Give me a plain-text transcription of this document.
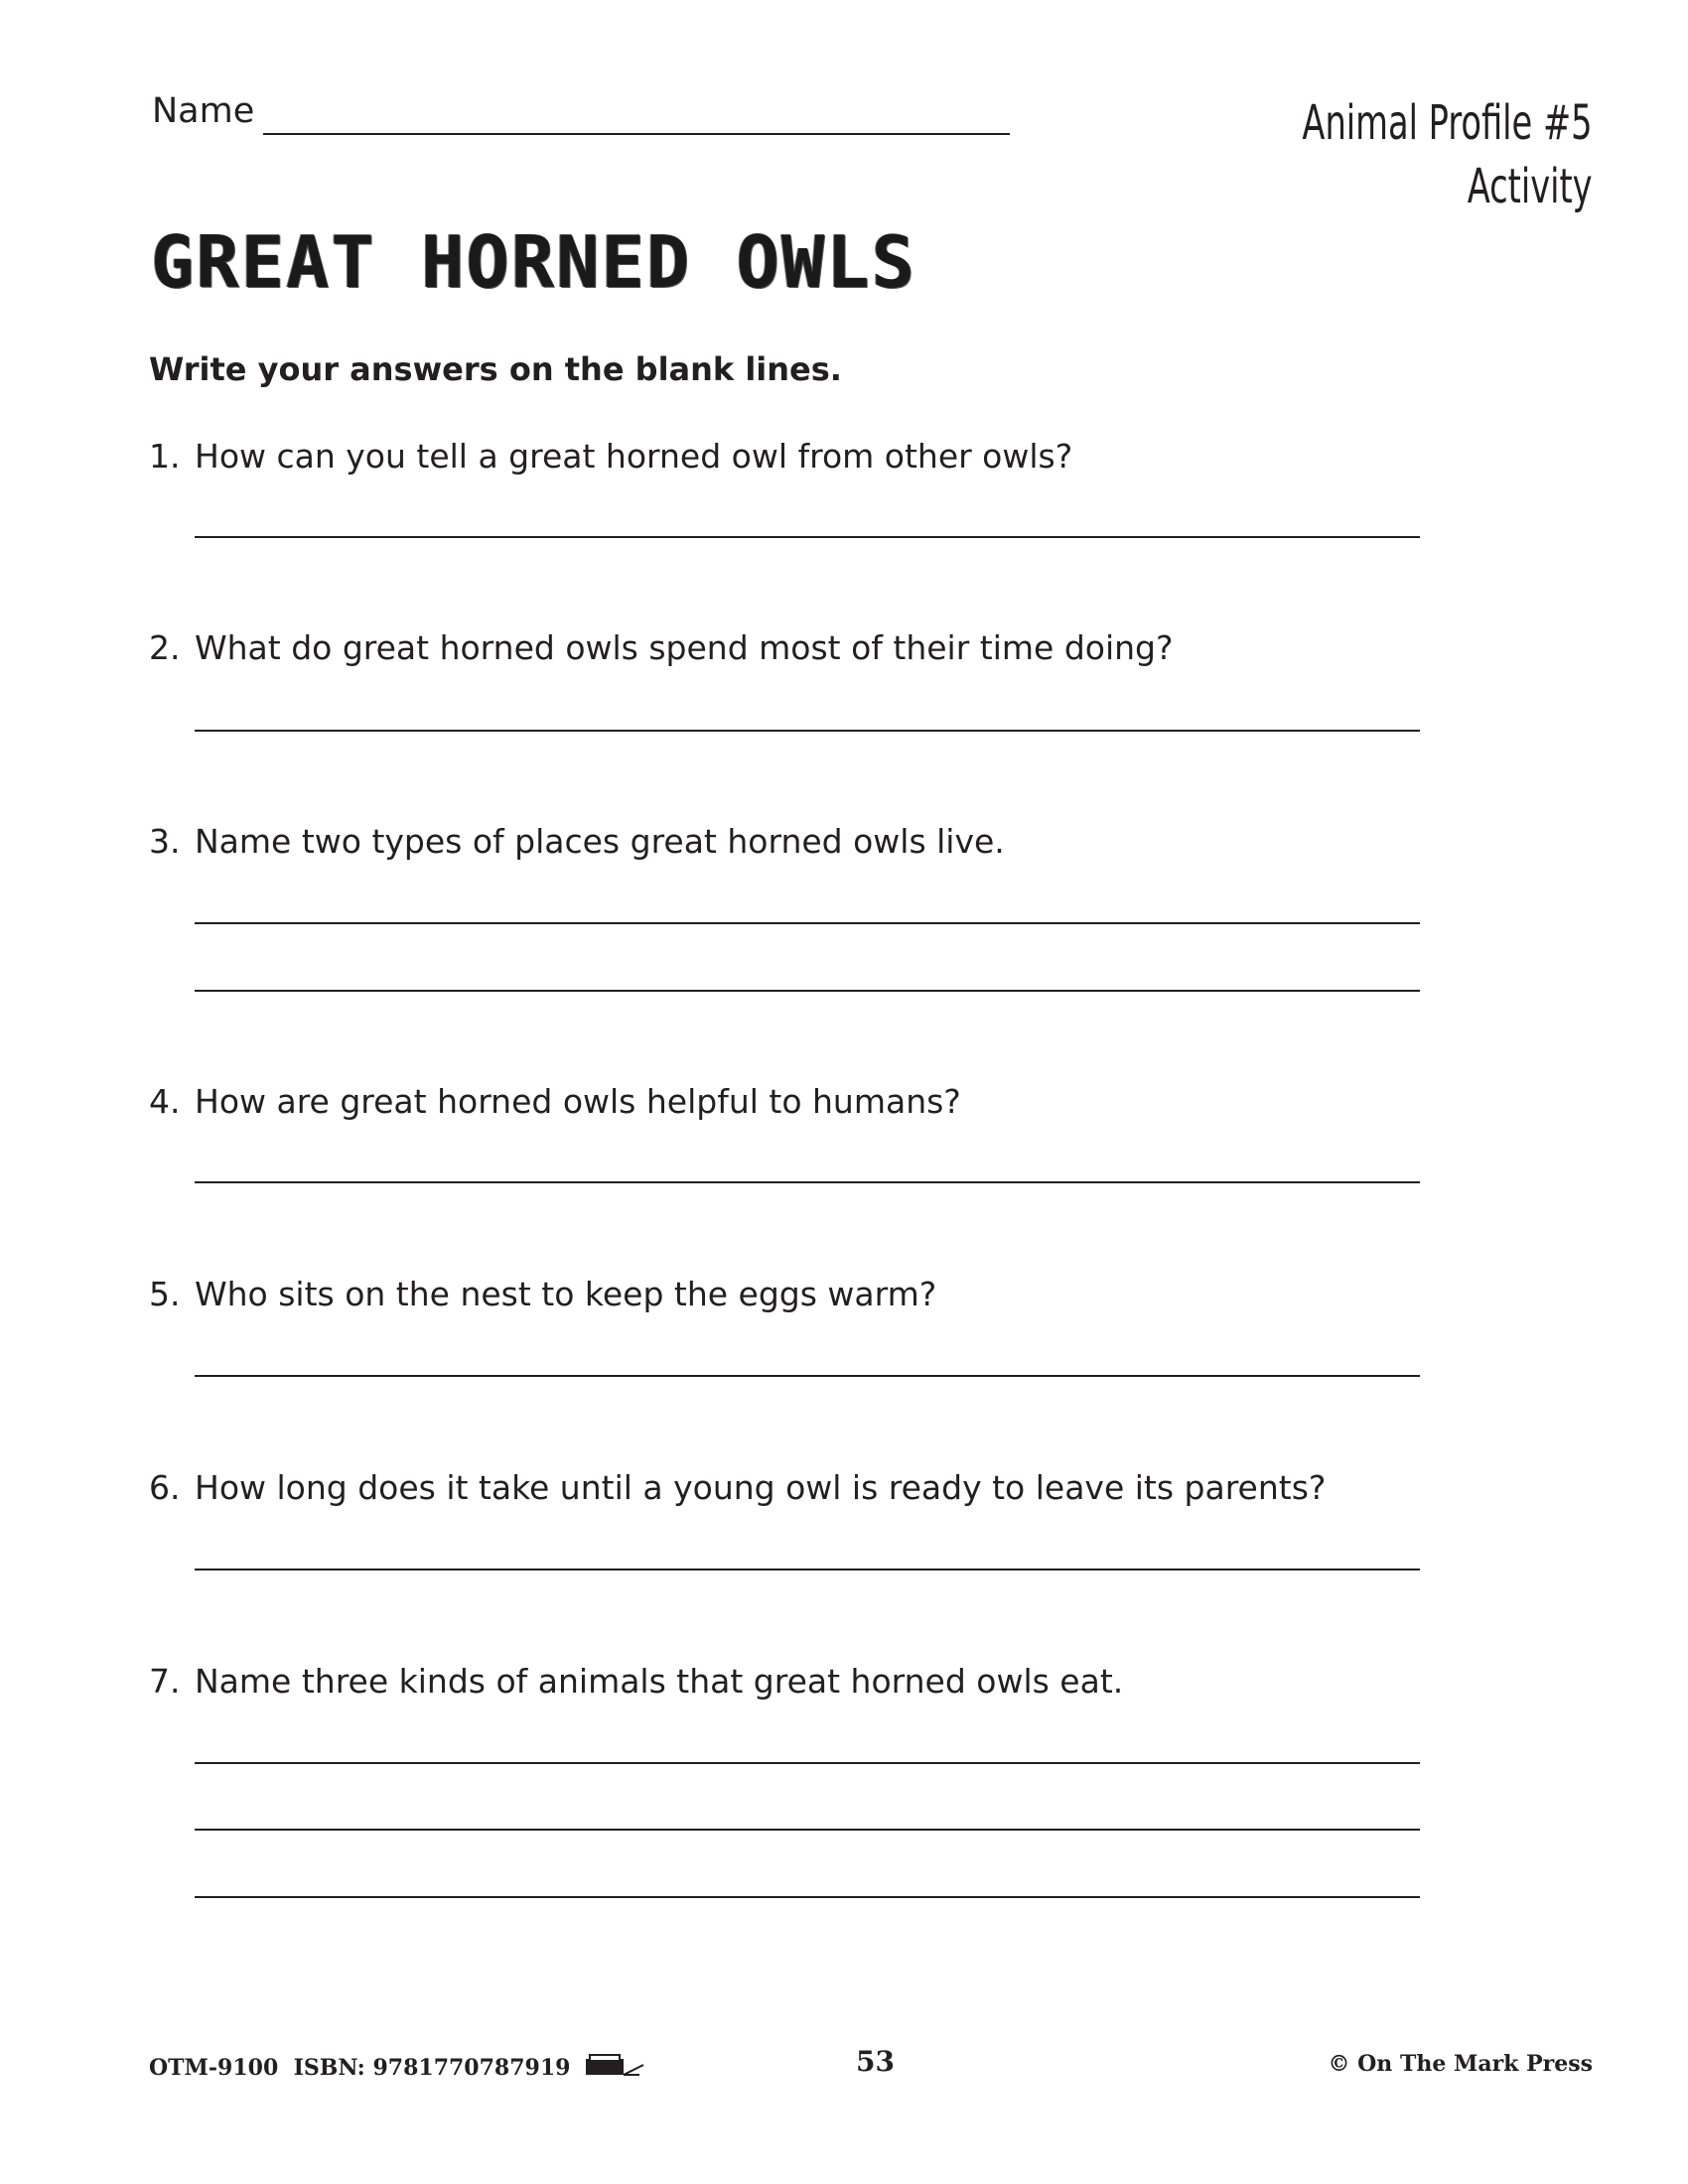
Name	Animal Profile #5
Activity
GREAT HORNED OWLS
Write your answers on the blank lines.
1. How can you tell a great horned owl from other owls?
2. What do great horned owls spend most of their time doing?
3. Name two types of places great horned owls live.
4. How are great horned owls helpful to humans?
5. Who sits on the nest to keep the eggs warm?
6. How long does it take until a young owl is ready to leave its parents?
7. Name three kinds of animals that great horned owls eat.
OTM-9100 ISBN: 9781770787919	53	© On The Mark Press
